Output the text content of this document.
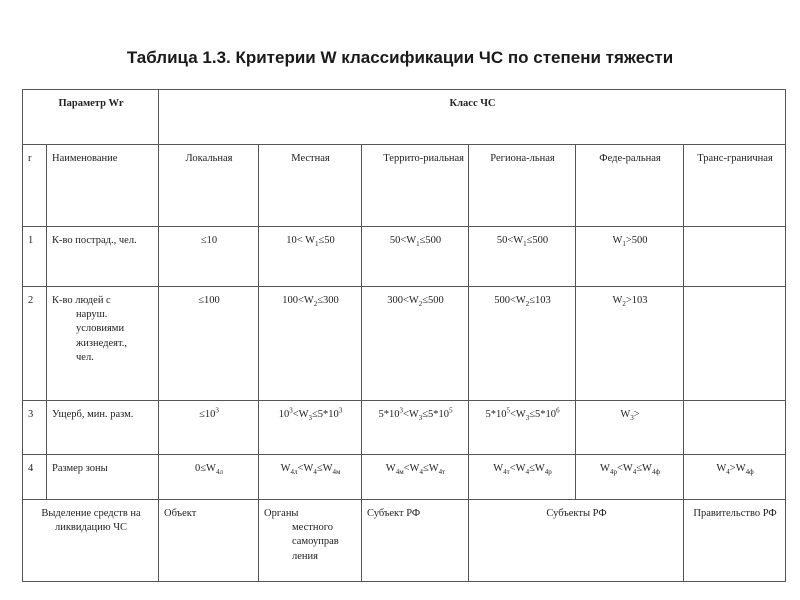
Таблица 1.3. Критерии W классификации ЧС по степени тяжести
Параметр Wr		Класс ЧС					
r	Наименование	Локальная	Местная	Террито-риальная	Регионa-льная	Феде-ральная	Транс-граничная
1	К-во пострад., чел.	≤10	$10< W_1\le 50$	$50<W_1\le 500$	$50<W_1\le 500$	$W_1>500$	
2	К-во людей с
наруш.
условиями
жизнедеят.,
чел.	≤100	$100<W_2\le 300$	$300<W_2\le 500$	$500<W_2\le 103$	$W_2>103$	
3	Ущерб, мин. разм.	$\le 10^3$	$10^3<W_3\le 5*10^3$	$5*10^3<W_3\le 5*10^5$	$5*10^5<W_3\le 5*10^6$	$W_3>$	
4	Размер зоны	$0\le W_{4л}$	$W_{4л}<W_4\le W_{4м}$	$W_{4м}<W_4\le W_{4т}$	$W_{4т}<W_4\le W_{4р}$	$W_{4р}<W_4\le W_{4ф}$	$W_4>W_{4ф}$
Выделение средств на ликвидацию ЧС		Объект	Органы
местного
самоуправ
ления	Субъект РФ	Субъекты РФ		Правительство РФ
